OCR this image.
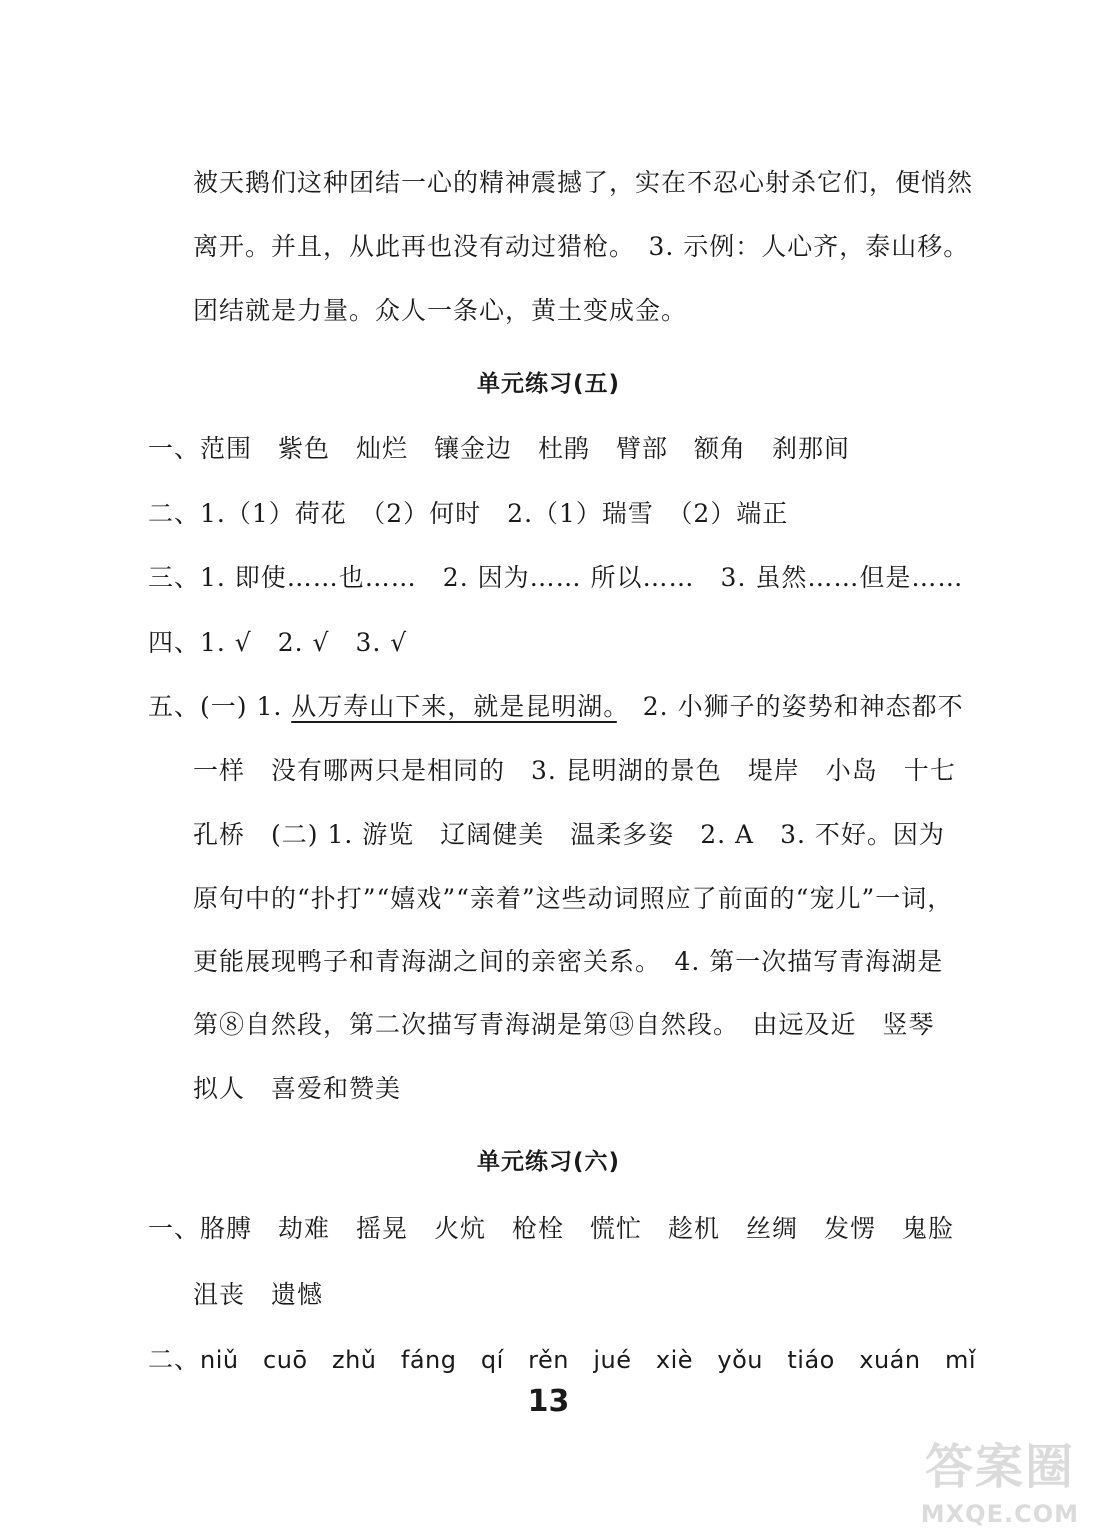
被天鹅们这种团结一心的精神震撼了，实在不忍心射杀它们，便悄然
离开。并且，从此再也没有动过猎枪。　3. 示例：人心齐，泰山移。
团结就是力量。众人一条心，黄土变成金。
单元练习(五)
一、范围　紫色　灿烂　镶金边　杜鹃　臂部　额角　刹那间
二、1.（1）荷花　（2）何时　2.（1）瑞雪　（2）端正
三、1. 即使……也……　2. 因为…… 所以……　3. 虽然……但是……
四、1. √　2. √　3. √
五、(一) 1. 从万寿山下来，就是昆明湖。　2. 小狮子的姿势和神态都不
一样　没有哪两只是相同的　3. 昆明湖的景色　堤岸　小岛　十七
孔桥　(二) 1. 游览　辽阔健美　温柔多姿　2. A　3. 不好。因为
原句中的“扑打”“嬉戏”“亲着”这些动词照应了前面的“宠儿”一词，
更能展现鸭子和青海湖之间的亲密关系。　4. 第一次描写青海湖是
第⑧自然段，第二次描写青海湖是第⑬自然段。　由远及近　竖琴
拟人　喜爱和赞美
单元练习(六)
一、胳膊　劫难　摇晃　火炕　枪栓　慌忙　趁机　丝绸　发愣　鬼脸
沮丧　遗憾
二、niǔ   cuō   zhǔ   fáng   qí   rěn   jué   xiè   yǒu   tiáo   xuán   mǐ
13
答案圈
MXQE.COM
